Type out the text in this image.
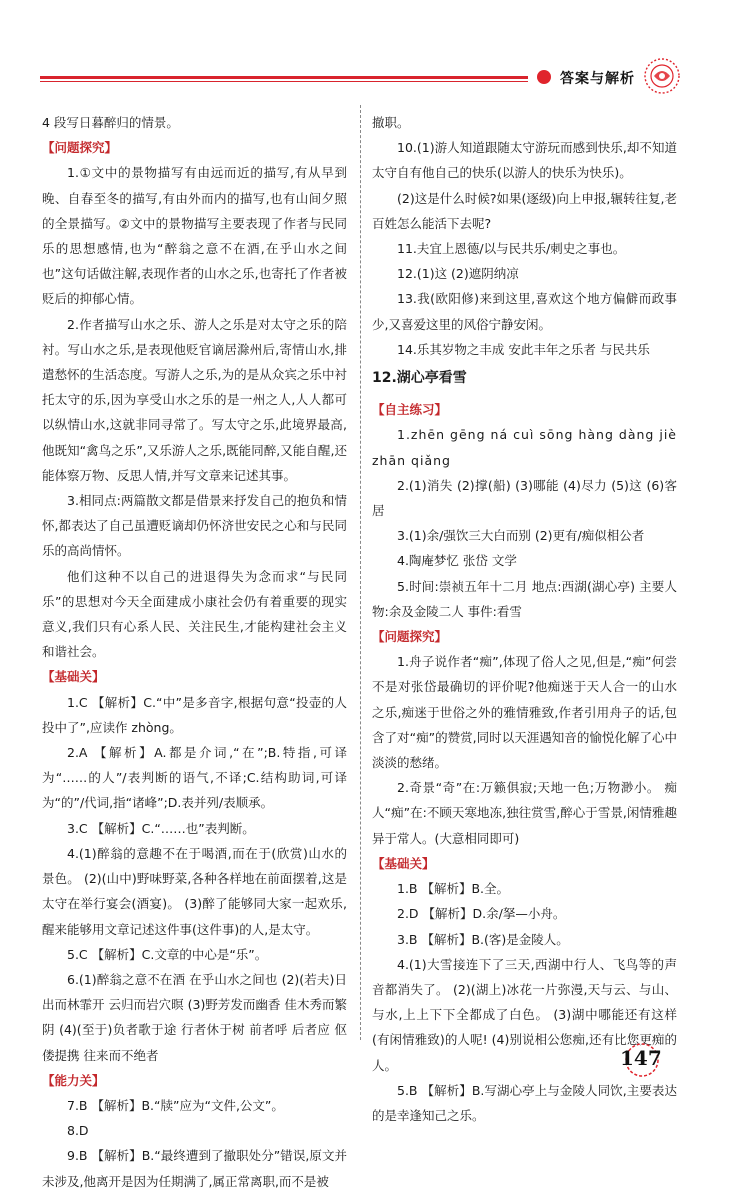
答案与解析

4 段写日暮醉归的情景。

【问题探究】

1.①文中的景物描写有由远而近的描写,有从早到晚、自春至冬的描写,有由外而内的描写,也有山间夕照的全景描写。②文中的景物描写主要表现了作者与民同乐的思想感情,也为“醉翁之意不在酒,在乎山水之间也”这句话做注解,表现作者的山水之乐,也寄托了作者被贬后的抑郁心情。

2.作者描写山水之乐、游人之乐是对太守之乐的陪衬。写山水之乐,是表现他贬官谪居滁州后,寄情山水,排遣愁怀的生活态度。写游人之乐,为的是从众宾之乐中衬托太守的乐,因为享受山水之乐的是一州之人,人人都可以纵情山水,这就非同寻常了。写太守之乐,此境界最高,他既知“禽鸟之乐”,又乐游人之乐,既能同醉,又能自醒,还能体察万物、反思人情,并写文章来记述其事。

3.相同点:两篇散文都是借景来抒发自己的抱负和情怀,都表达了自己虽遭贬谪却仍怀济世安民之心和与民同乐的高尚情怀。

他们这种不以自己的进退得失为念而求“与民同乐”的思想对今天全面建成小康社会仍有着重要的现实意义,我们只有心系人民、关注民生,才能构建社会主义和谐社会。

【基础关】

1.C 【解析】C.“中”是多音字,根据句意“投壶的人投中了”,应读作 zhòng。

2.A 【解析】A.都是介词,“在”;B.特指,可译为“……的人”/表判断的语气,不译;C.结构助词,可译为“的”/代词,指“诸峰”;D.表并列/表顺承。

3.C 【解析】C.“……也”表判断。

4.(1)醉翁的意趣不在于喝酒,而在于(欣赏)山水的景色。 (2)(山中)野味野菜,各种各样地在前面摆着,这是太守在举行宴会(酒宴)。 (3)醉了能够同大家一起欢乐,醒来能够用文章记述这件事(这件事)的人,是太守。

5.C 【解析】C.文章的中心是“乐”。

6.(1)醉翁之意不在酒 在乎山水之间也 (2)(若夫)日出而林霏开 云归而岩穴暝 (3)野芳发而幽香 佳木秀而繁阴 (4)(至于)负者歌于途 行者休于树 前者呼 后者应 伛偻提携 往来而不绝者

【能力关】

7.B 【解析】B.“牍”应为“文件,公文”。

8.D

9.B 【解析】B.“最终遭到了撤职处分”错误,原文并未涉及,他离开是因为任期满了,属正常离职,而不是被

撤职。

10.(1)游人知道跟随太守游玩而感到快乐,却不知道太守自有他自己的快乐(以游人的快乐为快乐)。

(2)这是什么时候?如果(逐级)向上申报,辗转往复,老百姓怎么能活下去呢?

11.夫宜上恩德/以与民共乐/刺史之事也。

12.(1)这 (2)遮阴纳凉

13.我(欧阳修)来到这里,喜欢这个地方偏僻而政事少,又喜爱这里的风俗宁静安闲。

14.乐其岁物之丰成 安此丰年之乐者 与民共乐

12.湖心亭看雪

【自主练习】

1.zhēn gēng ná cuì sōng hàng dàng jiè zhān qiǎng

2.(1)消失 (2)撑(船) (3)哪能 (4)尽力 (5)这 (6)客居

3.(1)余/强饮三大白而别 (2)更有/痴似相公者

4.陶庵梦忆 张岱 文学

5.时间:崇祯五年十二月 地点:西湖(湖心亭) 主要人物:余及金陵二人 事件:看雪

【问题探究】

1.舟子说作者“痴”,体现了俗人之见,但是,“痴”何尝不是对张岱最确切的评价呢?他痴迷于天人合一的山水之乐,痴迷于世俗之外的雅情雅致,作者引用舟子的话,包含了对“痴”的赞赏,同时以天涯遇知音的愉悦化解了心中淡淡的愁绪。

2.奇景“奇”在:万籁俱寂;天地一色;万物渺小。 痴人“痴”在:不顾天寒地冻,独往赏雪,醉心于雪景,闲情雅趣异于常人。(大意相同即可)

【基础关】

1.B 【解析】B.全。

2.D 【解析】D.余/拏—小舟。

3.B 【解析】B.(客)是金陵人。

4.(1)大雪接连下了三天,西湖中行人、飞鸟等的声音都消失了。 (2)(湖上)冰花一片弥漫,天与云、与山、与水,上上下下全都成了白色。 (3)湖中哪能还有这样(有闲情雅致)的人呢! (4)别说相公您痴,还有比您更痴的人。

5.B 【解析】B.写湖心亭上与金陵人同饮,主要表达的是幸逢知己之乐。

147
